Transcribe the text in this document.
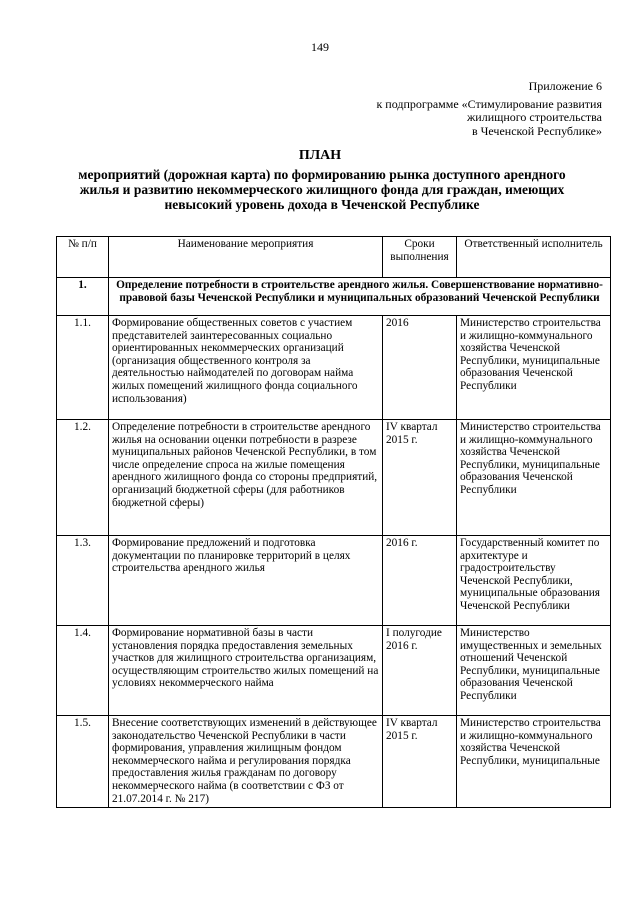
149
Приложение 6
к подпрограмме «Стимулирование развития
жилищного строительства
в Чеченской Республике»
ПЛАН
мероприятий (дорожная карта) по формированию рынка доступного арендного жилья и развитию некоммерческого жилищного фонда для граждан, имеющих невысокий уровень дохода в Чеченской Республике
№ п/п	Наименование мероприятия	Сроки выполнения	Ответственный исполнитель
1.	Определение потребности в строительстве арендного жилья. Совершенствование нормативно-правовой базы Чеченской Республики и муниципальных образований Чеченской Республики		
1.1.	Формирование общественных советов с участием представителей заинтересованных социально ориентированных некоммерческих организаций (организация общественного контроля за деятельностью наймодателей по договорам найма жилых помещений жилищного фонда социального использования)	2016	Министерство строительства и жилищно-коммунального хозяйства Чеченской Республики, муниципальные образования Чеченской Республики
1.2.	Определение потребности в строительстве арендного жилья на основании оценки потребности в разрезе муниципальных районов Чеченской Республики, в том числе определение спроса на жилые помещения арендного жилищного фонда со стороны предприятий, организаций бюджетной сферы (для работников бюджетной сферы)	IV квартал 2015 г.	Министерство строительства и жилищно-коммунального хозяйства Чеченской Республики, муниципальные образования Чеченской Республики
1.3.	Формирование предложений и подготовка документации по планировке территорий в целях строительства арендного жилья	2016 г.	Государственный комитет по архитектуре и градостроительству Чеченской Республики, муниципальные образования Чеченской Республики
1.4.	Формирование нормативной базы в части установления порядка предоставления земельных участков для жилищного строительства организациям, осуществляющим строительство жилых помещений на условиях некоммерческого найма	I полугодие 2016 г.	Министерство имущественных и земельных отношений Чеченской Республики, муниципальные образования Чеченской Республики
1.5.	Внесение соответствующих изменений в действующее законодательство Чеченской Республики в части формирования, управления жилищным фондом некоммерческого найма и регулирования порядка предоставления жилья гражданам по договору некоммерческого найма (в соответствии с ФЗ от 21.07.2014 г. № 217)	IV квартал 2015 г.	Министерство строительства и жилищно-коммунального хозяйства Чеченской Республики, муниципальные
